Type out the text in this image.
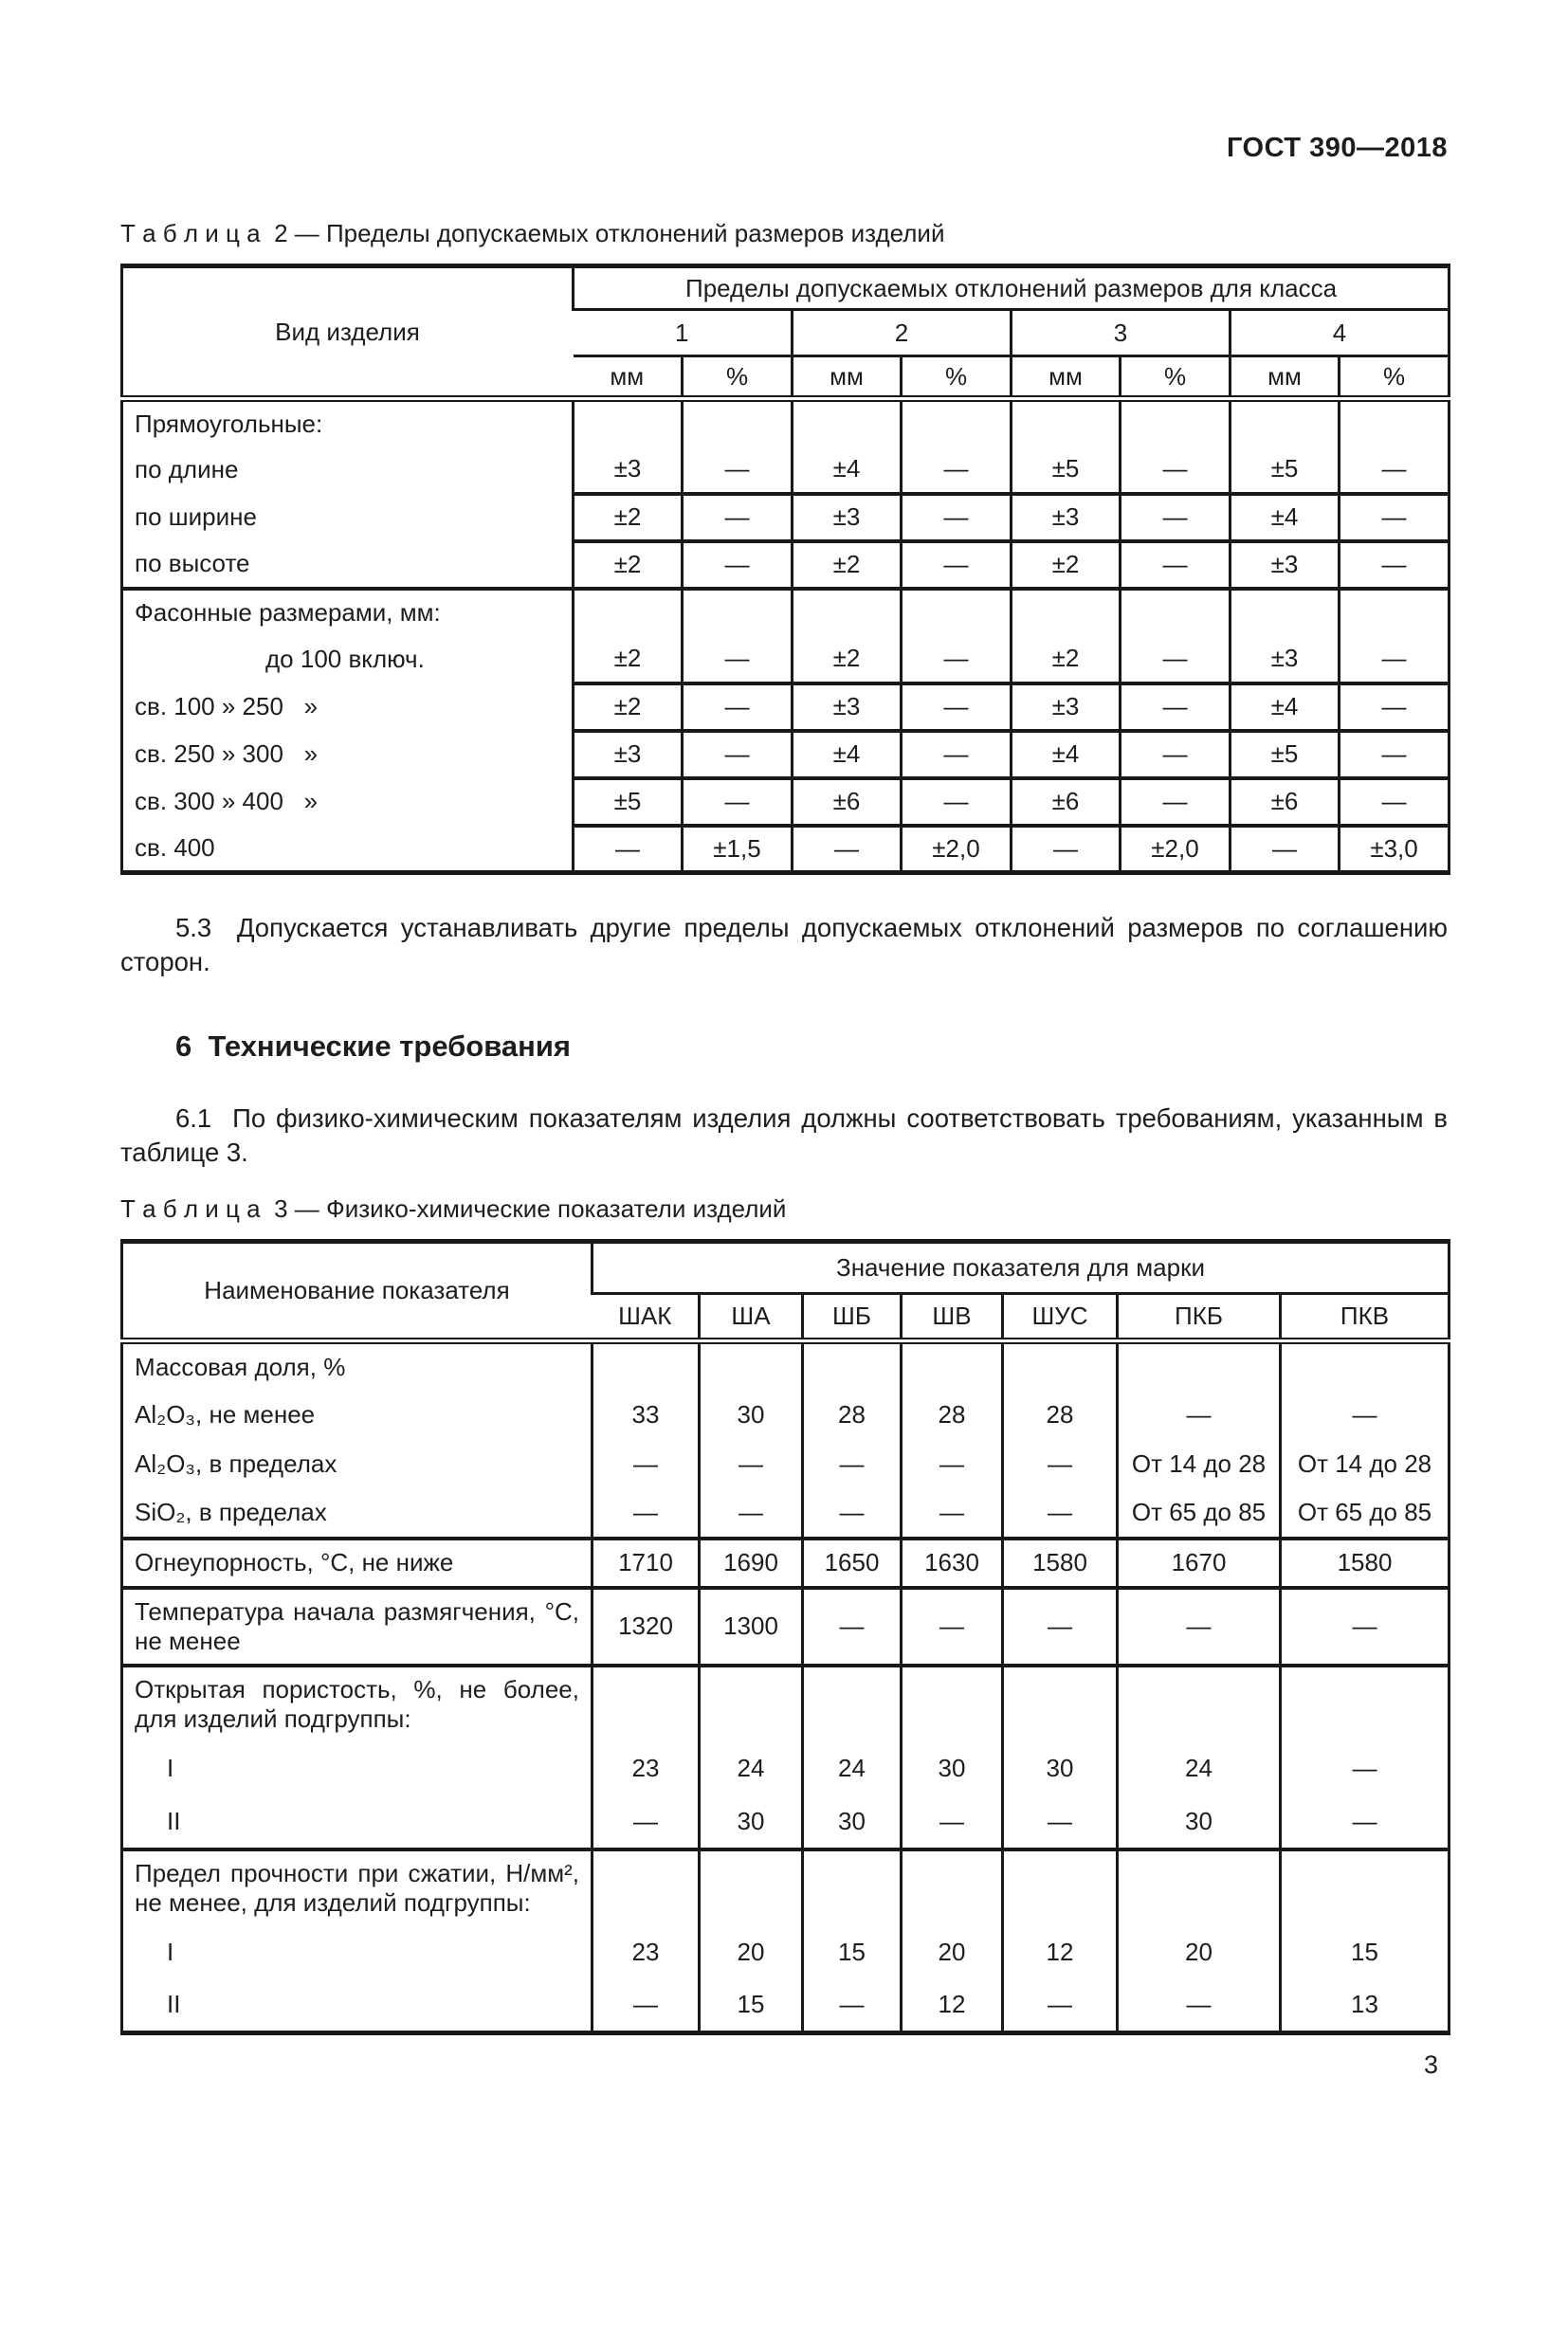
ГОСТ 390—2018
Т а б л и ц а  2 — Пределы допускаемых отклонений размеров изделий
Вид изделия	Пределы допускаемых отклонений размеров для класса							
	1		2		3		4	
	мм	%	мм	%	мм	%	мм	%
Прямоугольные:								
по длине	±3	—	±4	—	±5	—	±5	—
по ширине	±2	—	±3	—	±3	—	±4	—
по высоте	±2	—	±2	—	±2	—	±3	—
Фасонные размерами, мм:								
до 100 включ.	±2	—	±2	—	±2	—	±3	—
св. 100 » 250   »	±2	—	±3	—	±3	—	±4	—
св. 250 » 300   »	±3	—	±4	—	±4	—	±5	—
св. 300 » 400   »	±5	—	±6	—	±6	—	±6	—
св. 400	—	±1,5	—	±2,0	—	±2,0	—	±3,0

5.3  Допускается устанавливать другие пределы допускаемых отклонений размеров по соглашению сторон.

6  Технические требования

6.1  По физико-химическим показателям изделия должны соответствовать требованиям, указанным в таблице 3.

Т а б л и ц а  3 — Физико-химические показатели изделий
Наименование показателя	Значение показателя для марки						
	ШАК	ША	ШБ	ШВ	ШУС	ПКБ	ПКВ
Массовая доля, %							
Al₂O₃, не менее	33	30	28	28	28	—	—
Al₂O₃, в пределах	—	—	—	—	—	От 14 до 28	От 14 до 28
SiO₂, в пределах	—	—	—	—	—	От 65 до 85	От 65 до 85
Огнеупорность, °С, не ниже	1710	1690	1650	1630	1580	1670	1580
Температура начала размягчения, °С, не менее	1320	1300	—	—	—	—	—
Открытая пористость, %, не более, для изделий подгруппы:							
I	23	24	24	30	30	24	—
II	—	30	30	—	—	30	—
Предел прочности при сжатии, Н/мм², не менее, для изделий подгруппы:							
I	23	20	15	20	12	20	15
II	—	15	—	12	—	—	13
3
